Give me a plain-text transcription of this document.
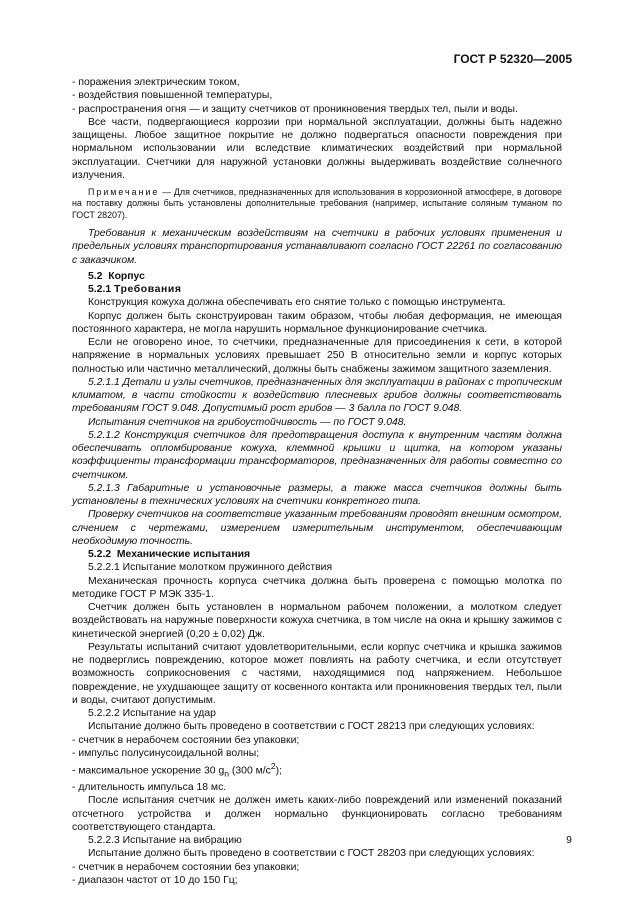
ГОСТ Р 52320—2005

- поражения электрическим током,

- воздействия повышенной температуры,

- распространения огня — и защиту счетчиков от проникновения твердых тел, пыли и воды.

Все части, подвергающиеся коррозии при нормальной эксплуатации, должны быть надежно защищены. Любое защитное покрытие не должно подвергаться опасности повреждения при нормальном использовании или вследствие климатических воздействий при нормальной эксплуатации. Счетчики для наружной установки должны выдерживать воздействие солнечного излучения.

Примечание — Для счетчиков, предназначенных для использования в коррозионной атмосфере, в договоре на поставку должны быть установлены дополнительные требования (например, испытание соляным туманом по ГОСТ 28207).

Требования к механическим воздействиям на счетчики в рабочих условиях применения и предельных условиях транспортирования устанавливают согласно ГОСТ 22261 по согласованию с заказчиком.

5.2 Корпус

5.2.1 Требования

Конструкция кожуха должна обеспечивать его снятие только с помощью инструмента.

Корпус должен быть сконструирован таким образом, чтобы любая деформация, не имеющая постоянного характера, не могла нарушить нормальное функционирование счетчика.

Если не оговорено иное, то счетчики, предназначенные для присоединения к сети, в которой напряжение в нормальных условиях превышает 250 В относительно земли и корпус которых полностью или частично металлический, должны быть снабжены зажимом защитного заземления.

5.2.1.1 Детали и узлы счетчиков, предназначенных для эксплуатации в районах с тропическим климатом, в части стойкости к воздействию плесневых грибов должны соответствовать требованиям ГОСТ 9.048. Допустимый рост грибов — 3 балла по ГОСТ 9.048.

Испытания счетчиков на грибоустойчивость — по ГОСТ 9.048.

5.2.1.2 Конструкция счетчиков для предотвращения доступа к внутренним частям должна обеспечивать опломбирование кожуха, клеммной крышки и щитка, на котором указаны коэффициенты трансформации трансформаторов, предназначенных для работы совместно со счетчиком.

5.2.1.3 Габаритные и установочные размеры, а также масса счетчиков должны быть установлены в технических условиях на счетчики конкретного типа.

Проверку счетчиков на соответствие указанным требованиям проводят внешним осмотром, слчением с чертежами, измерением измерительным инструментом, обеспечивающим необходимую точность.

5.2.2 Механические испытания

5.2.2.1 Испытание молотком пружинного действия

Механическая прочность корпуса счетчика должна быть проверена с помощью молотка по методике ГОСТ Р МЭК 335-1.

Счетчик должен быть установлен в нормальном рабочем положении, а молотком следует воздействовать на наружные поверхности кожуха счетчика, в том числе на окна и крышку зажимов с кинетической энергией (0,20 ± 0,02) Дж.

Результаты испытаний считают удовлетворительными, если корпус счетчика и крышка зажимов не подверглись повреждению, которое может повлиять на работу счетчика, и если отсутствует возможность соприкосновения с частями, находящимися под напряжением. Небольшое повреждение, не ухудшающее защиту от косвенного контакта или проникновения твердых тел, пыли и воды, считают допустимым.

5.2.2.2 Испытание на удар

Испытание должно быть проведено в соответствии с ГОСТ 28213 при следующих условиях:

- счетчик в нерабочем состоянии без упаковки;

- импульс полусинусоидальной волны;

- максимальное ускорение 30 $g_n$ (300 $м/с^2$);

- длительность импульса 18 мс.

После испытания счетчик не должен иметь каких-либо повреждений или изменений показаний отсчетного устройства и должен нормально функционировать согласно требованиям соответствующего стандарта.

5.2.2.3 Испытание на вибрацию

Испытание должно быть проведено в соответствии с ГОСТ 28203 при следующих условиях:

- счетчик в нерабочем состоянии без упаковки;

- диапазон частот от 10 до 150 Гц;

9
